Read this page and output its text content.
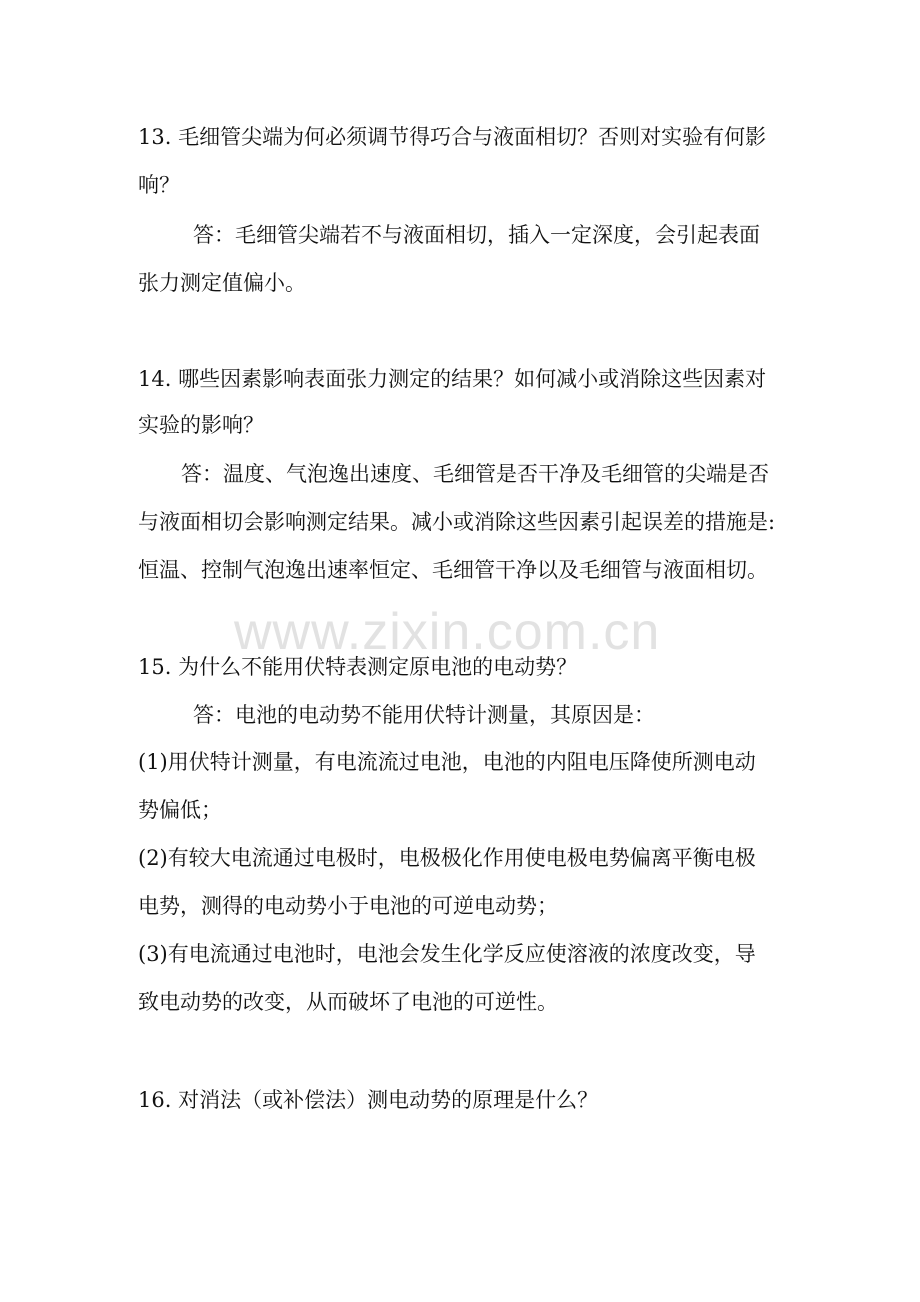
www.zixin.com.cn
13. 毛细管尖端为何必须调节得巧合与液面相切？否则对实验有何影
响？
答：毛细管尖端若不与液面相切，插入一定深度，会引起表面
张力测定值偏小。
14. 哪些因素影响表面张力测定的结果？如何减小或消除这些因素对
实验的影响？
答：温度、气泡逸出速度、毛细管是否干净及毛细管的尖端是否
与液面相切会影响测定结果。减小或消除这些因素引起误差的措施是:
恒温、控制气泡逸出速率恒定、毛细管干净以及毛细管与液面相切。
15. 为什么不能用伏特表测定原电池的电动势？
答：电池的电动势不能用伏特计测量，其原因是：
(1)用伏特计测量，有电流流过电池，电池的内阻电压降使所测电动
势偏低；
(2)有较大电流通过电极时，电极极化作用使电极电势偏离平衡电极
电势，测得的电动势小于电池的可逆电动势；
(3)有电流通过电池时，电池会发生化学反应使溶液的浓度改变，导
致电动势的改变，从而破坏了电池的可逆性。
16. 对消法（或补偿法）测电动势的原理是什么？
